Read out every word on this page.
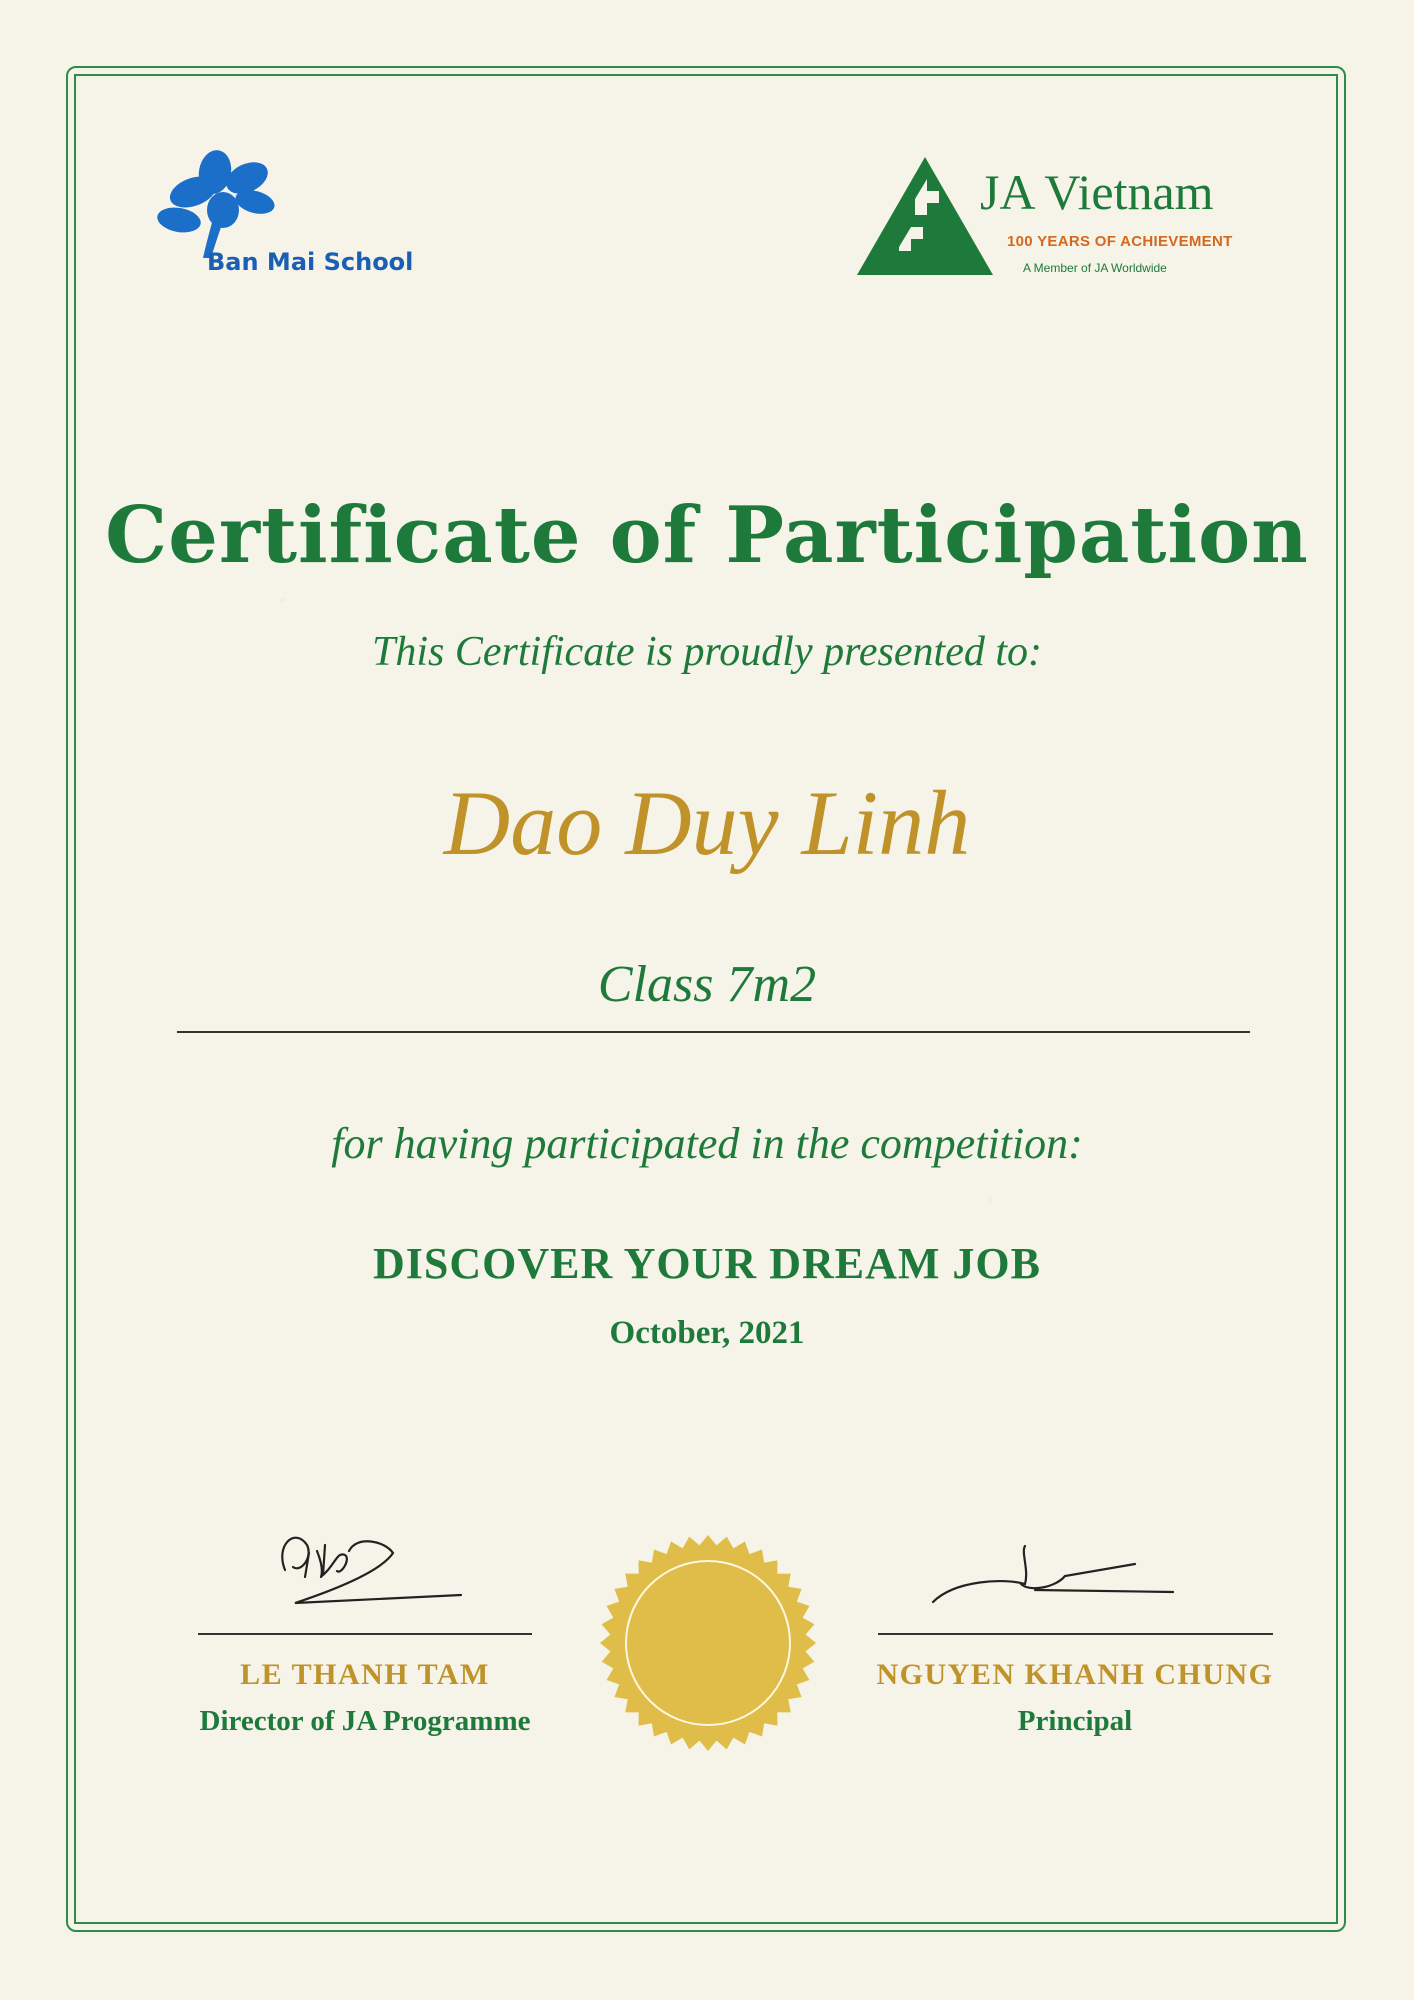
Ban Mai School
JA Vietnam
100 YEARS OF ACHIEVEMENT
A Member of JA Worldwide
Certificate of Participation
This Certificate is proudly presented to:
Dao Duy Linh
Class 7m2
for having participated in the competition:
DISCOVER YOUR DREAM JOB
October, 2021
LE THANH TAM
Director of JA Programme
NGUYEN KHANH CHUNG
Principal
